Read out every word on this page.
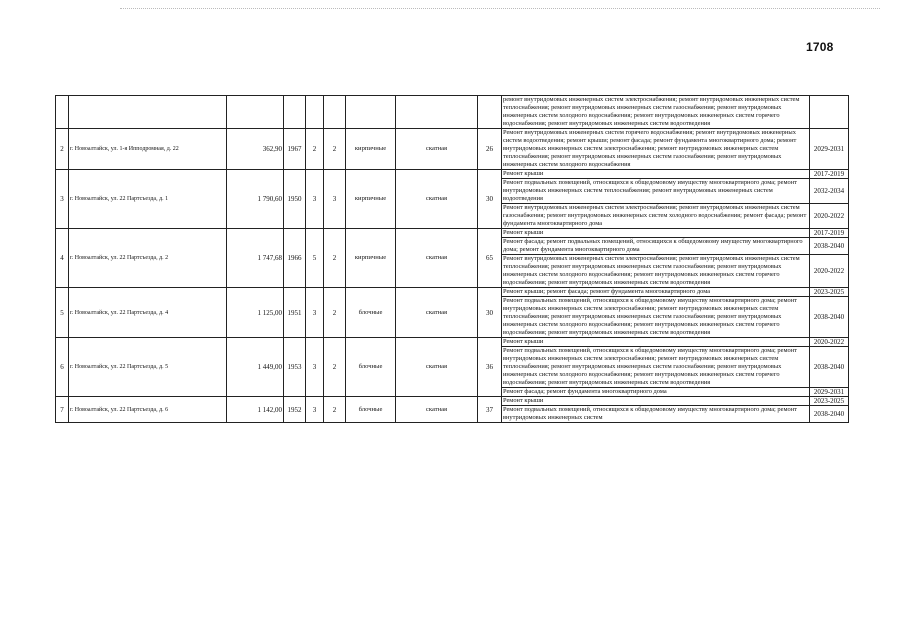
1708
									ремонт внутридомовых инженерных систем электроснабжения; ремонт внутридомовых инженерных систем теплоснабжения; ремонт внутридомовых инженерных систем газоснабжения; ремонт внутридомовых инженерных систем холодного водоснабжения; ремонт внутридомовых инженерных систем горячего водоснабжения; ремонт внутридомовых инженерных систем водоотведения	
2	г. Новоалтайск, ул. 1-я Ипподромная, д. 22	362,90	1967	2	2	кирпичные	скатная	26	Ремонт внутридомовых инженерных систем горячего водоснабжения; ремонт внутридомовых инженерных систем водоотведения; ремонт крыши; ремонт фасада; ремонт фундамента многоквартирного дома; ремонт внутридомовых инженерных систем электроснабжения; ремонт внутридомовых инженерных систем теплоснабжения; ремонт внутридомовых инженерных систем газоснабжения; ремонт внутридомовых инженерных систем холодного водоснабжения	2029-2031
3	г. Новоалтайск, ул. 22 Партсъезда, д. 1	1 790,60	1950	3	3	кирпичные	скатная	30	Ремонт крыши	2017-2019
									Ремонт подвальных помещений, относящихся к общедомовому имуществу многоквартирного дома; ремонт внутридомовых инженерных систем теплоснабжения; ремонт внутридомовых инженерных систем водоотведения	2032-2034
									Ремонт внутридомовых инженерных систем электроснабжения; ремонт внутридомовых инженерных систем газоснабжения; ремонт внутридомовых инженерных систем холодного водоснабжения; ремонт фасада; ремонт фундамента многоквартирного дома	2020-2022
4	г. Новоалтайск, ул. 22 Партсъезда, д. 2	1 747,68	1966	5	2	кирпичные	скатная	65	Ремонт крыши	2017-2019
									Ремонт фасада; ремонт подвальных помещений, относящихся к общедомовому имуществу многоквартирного дома; ремонт фундамента многоквартирного дома	2038-2040
									Ремонт внутридомовых инженерных систем электроснабжения; ремонт внутридомовых инженерных систем теплоснабжения; ремонт внутридомовых инженерных систем газоснабжения; ремонт внутридомовых инженерных систем холодного водоснабжения; ремонт внутридомовых инженерных систем горячего водоснабжения; ремонт внутридомовых инженерных систем водоотведения	2020-2022
5	г. Новоалтайск, ул. 22 Партсъезда, д. 4	1 125,00	1951	3	2	блочные	скатная	30	Ремонт крыши; ремонт фасада; ремонт фундамента многоквартирного дома	2023-2025
									Ремонт подвальных помещений, относящихся к общедомовому имуществу многоквартирного дома; ремонт внутридомовых инженерных систем электроснабжения; ремонт внутридомовых инженерных систем теплоснабжения; ремонт внутридомовых инженерных систем газоснабжения; ремонт внутридомовых инженерных систем холодного водоснабжения; ремонт внутридомовых инженерных систем горячего водоснабжения; ремонт внутридомовых инженерных систем водоотведения	2038-2040
6	г. Новоалтайск, ул. 22 Партсъезда, д. 5	1 449,00	1953	3	2	блочные	скатная	36	Ремонт крыши	2020-2022
									Ремонт подвальных помещений, относящихся к общедомовому имуществу многоквартирного дома; ремонт внутридомовых инженерных систем электроснабжения; ремонт внутридомовых инженерных систем теплоснабжения; ремонт внутридомовых инженерных систем газоснабжения; ремонт внутридомовых инженерных систем холодного водоснабжения; ремонт внутридомовых инженерных систем горячего водоснабжения; ремонт внутридомовых инженерных систем водоотведения	2038-2040
									Ремонт фасада; ремонт фундамента многоквартирного дома	2029-2031
7	г. Новоалтайск, ул. 22 Партсъезда, д. 6	1 142,00	1952	3	2	блочные	скатная	37	Ремонт крыши	2023-2025
									Ремонт подвальных помещений, относящихся к общедомовому имуществу многоквартирного дома; ремонт внутридомовых инженерных систем	2038-2040
